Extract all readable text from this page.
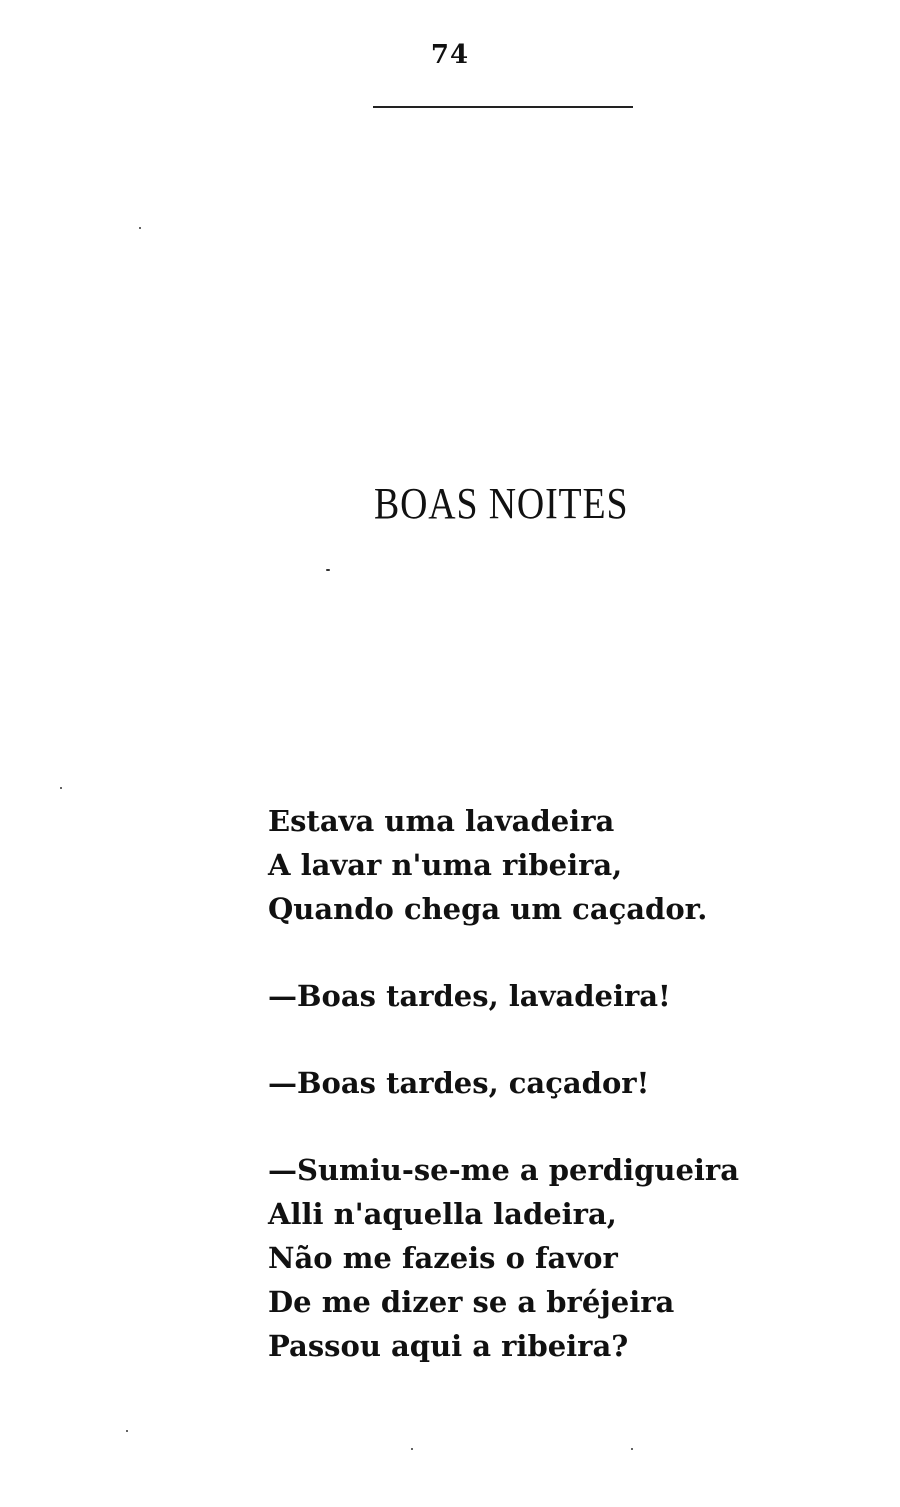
74
BOAS NOITES
Estava uma lavadeira
A lavar n'uma ribeira,
Quando chega um caçador.
—Boas tardes, lavadeira!
—Boas tardes, caçador!
—Sumiu-se-me a perdigueira
Alli n'aquella ladeira,
Não me fazeis o favor
De me dizer se a bréjeira
Passou aqui a ribeira?
